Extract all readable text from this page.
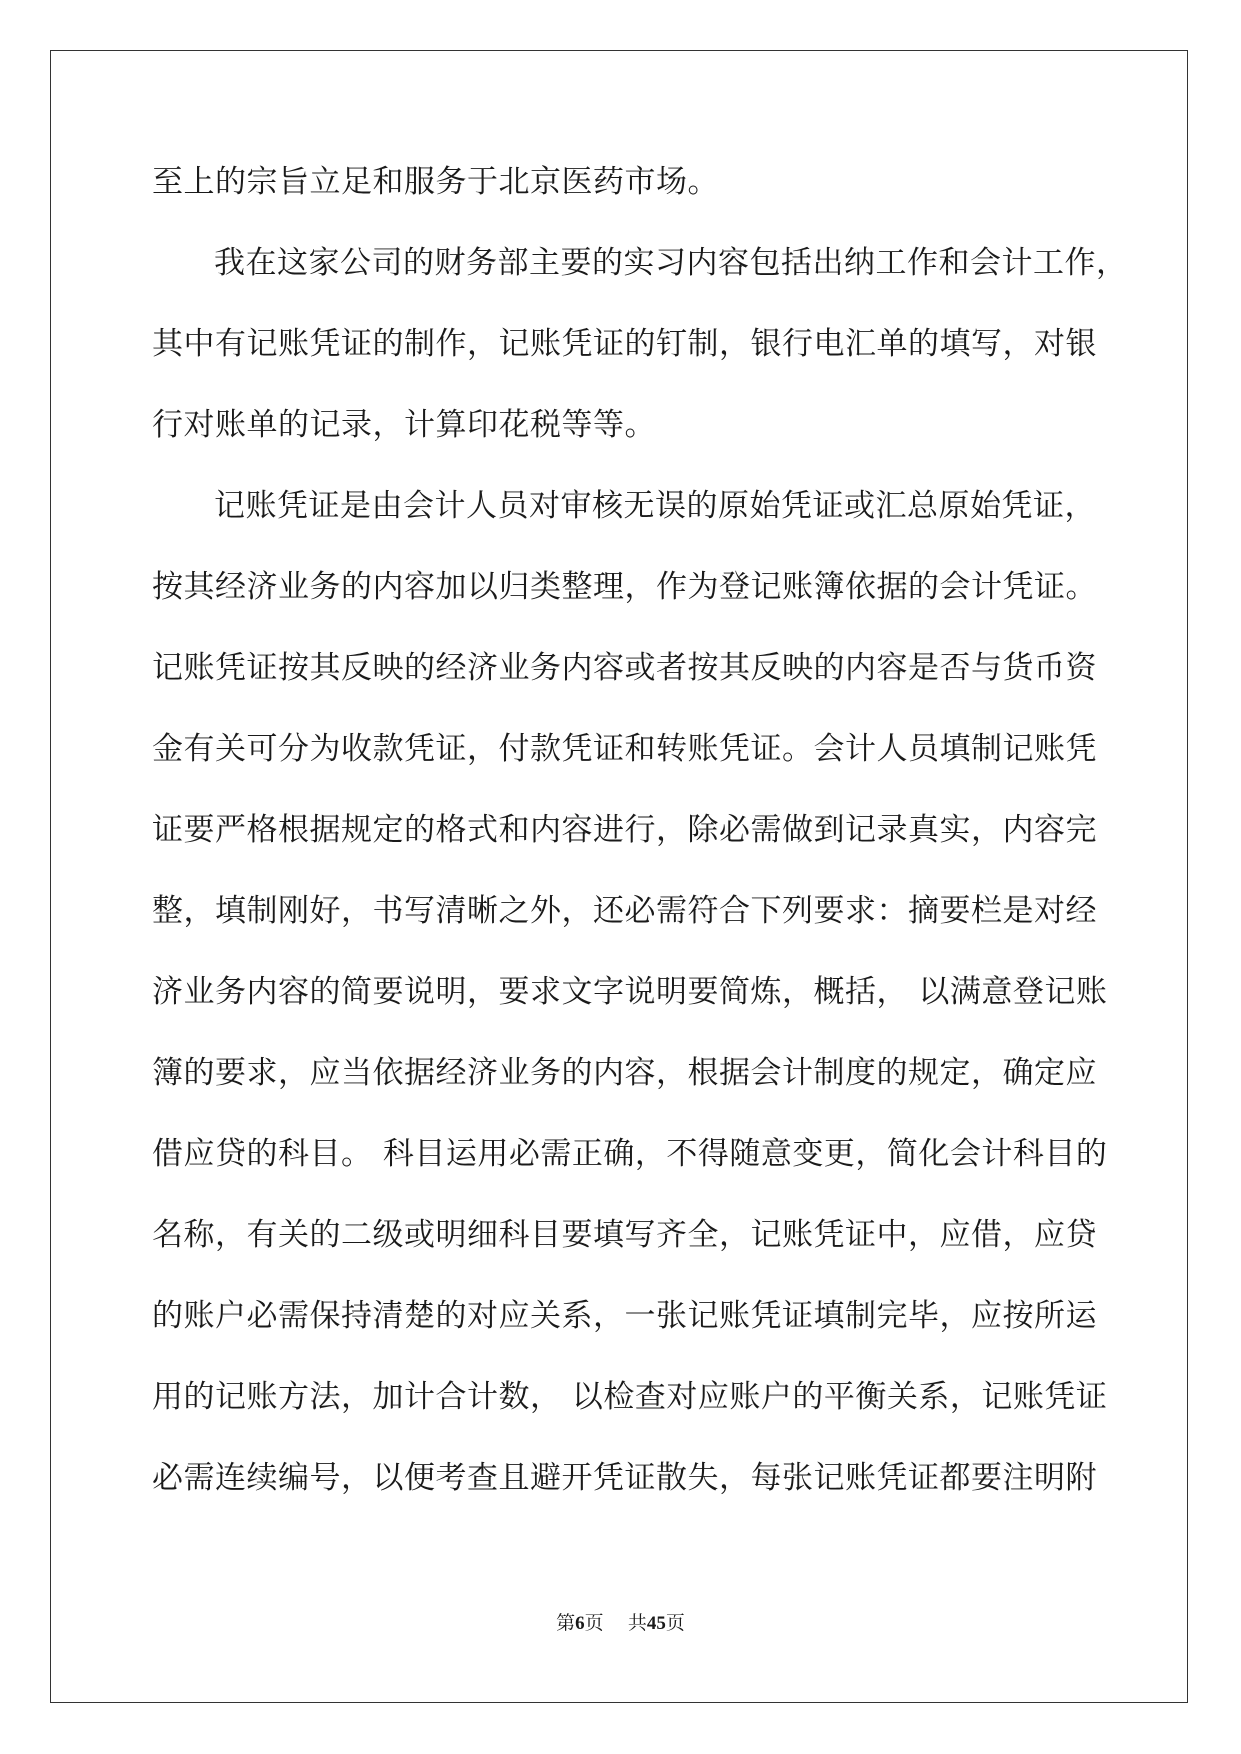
至上的宗旨立足和服务于北京医药市场。
我在这家公司的财务部主要的实习内容包括出纳工作和会计工作，
其中有记账凭证的制作，记账凭证的钉制，银行电汇单的填写，对银
行对账单的记录，计算印花税等等。
记账凭证是由会计人员对审核无误的原始凭证或汇总原始凭证，
按其经济业务的内容加以归类整理，作为登记账簿依据的会计凭证。
记账凭证按其反映的经济业务内容或者按其反映的内容是否与货币资
金有关可分为收款凭证，付款凭证和转账凭证。会计人员填制记账凭
证要严格根据规定的格式和内容进行，除必需做到记录真实，内容完
整，填制刚好，书写清晰之外，还必需符合下列要求：摘要栏是对经
济业务内容的简要说明，要求文字说明要简炼，概括， 以满意登记账
簿的要求，应当依据经济业务的内容，根据会计制度的规定，确定应
借应贷的科目。 科目运用必需正确，不得随意变更，简化会计科目的
名称，有关的二级或明细科目要填写齐全，记账凭证中，应借，应贷
的账户必需保持清楚的对应关系，一张记账凭证填制完毕，应按所运
用的记账方法，加计合计数， 以检查对应账户的平衡关系，记账凭证
必需连续编号，以便考查且避开凭证散失，每张记账凭证都要注明附
第6页 共45页
